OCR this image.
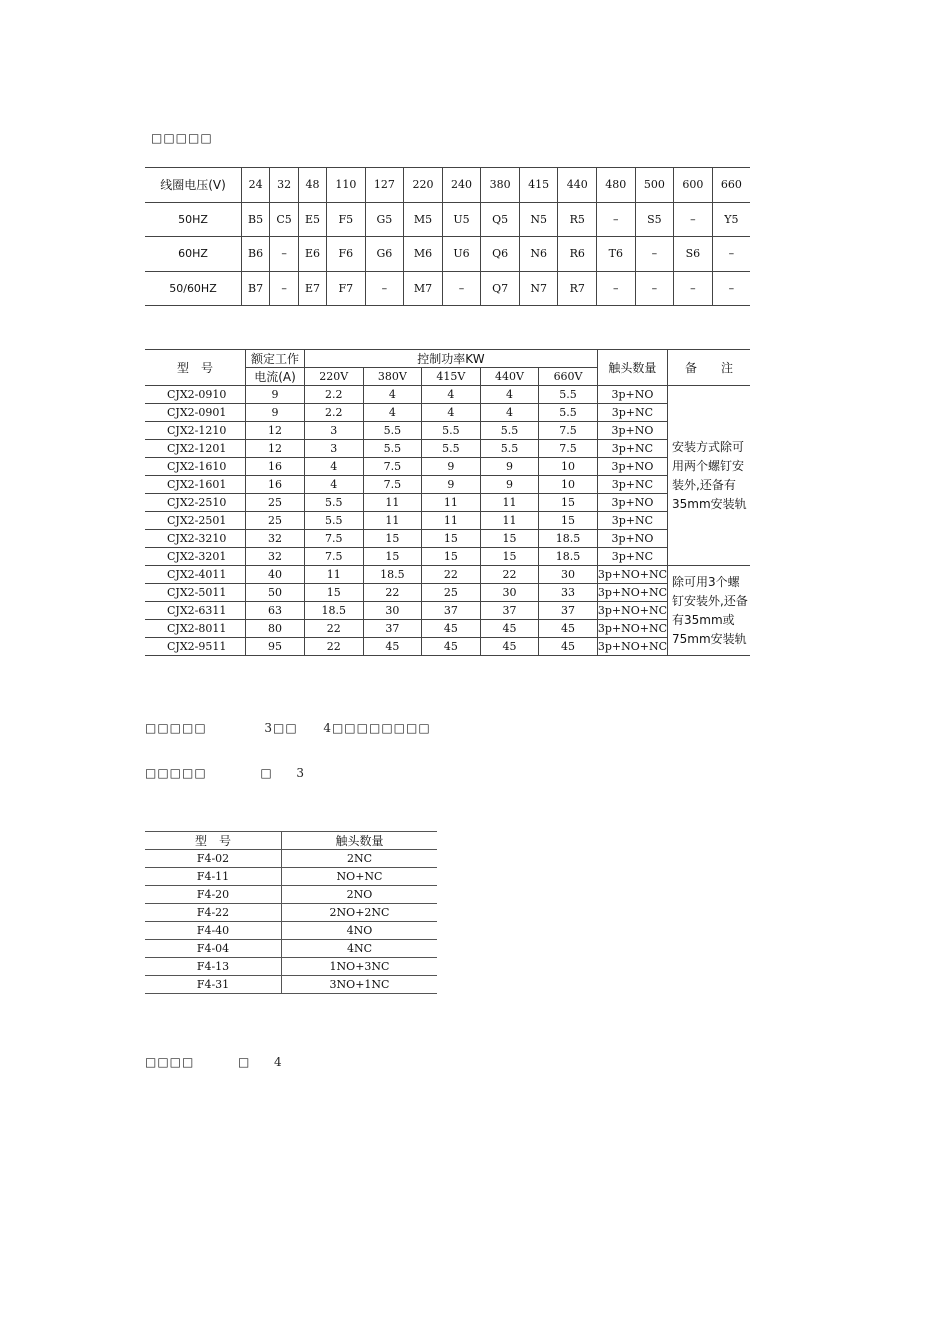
□□□□□
线圈电压(V)	24	32	48	110	127	220	240	380	415	440	480	500	600	660
50HZ	B5	C5	E5	F5	G5	M5	U5	Q5	N5	R5	–	S5	–	Y5
60HZ	B6	–	E6	F6	G6	M6	U6	Q6	N6	R6	T6	–	S6	–
50/60HZ	B7	–	E7	F7	–	M7	–	Q7	N7	R7	–	–	–	–
型　号	额定工作	控制功率KW					触头数量	备　　注
	电流(A)	220V	380V	415V	440V	660V		
CJX2-0910	9	2.2	4	4	4	5.5	3p+NO	安装方式除可用两个螺钉安装外,还备有35mm安装轨
CJX2-0901	9	2.2	4	4	4	5.5	3p+NC	
CJX2-1210	12	3	5.5	5.5	5.5	7.5	3p+NO	
CJX2-1201	12	3	5.5	5.5	5.5	7.5	3p+NC	
CJX2-1610	16	4	7.5	9	9	10	3p+NO	
CJX2-1601	16	4	7.5	9	9	10	3p+NC	
CJX2-2510	25	5.5	11	11	11	15	3p+NO	
CJX2-2501	25	5.5	11	11	11	15	3p+NC	
CJX2-3210	32	7.5	15	15	15	18.5	3p+NO	
CJX2-3201	32	7.5	15	15	15	18.5	3p+NC	
CJX2-4011	40	11	18.5	22	22	30	3p+NO+NC	除可用3个螺钉安装外,还备有35mm或75mm安装轨
CJX2-5011	50	15	22	25	30	33	3p+NO+NC	
CJX2-6311	63	18.5	30	37	37	37	3p+NO+NC	
CJX2-8011	80	22	37	45	45	45	3p+NO+NC	
CJX2-9511	95	22	45	45	45	45	3p+NO+NC	
□□□□□	3□□ 4□□□□□□□□
□□□□□	□ 3
型　号	触头数量
F4-02	2NC
F4-11	NO+NC
F4-20	2NO
F4-22	2NO+2NC
F4-40	4NO
F4-04	4NC
F4-13	1NO+3NC
F4-31	3NO+1NC
□□□□	□ 4
